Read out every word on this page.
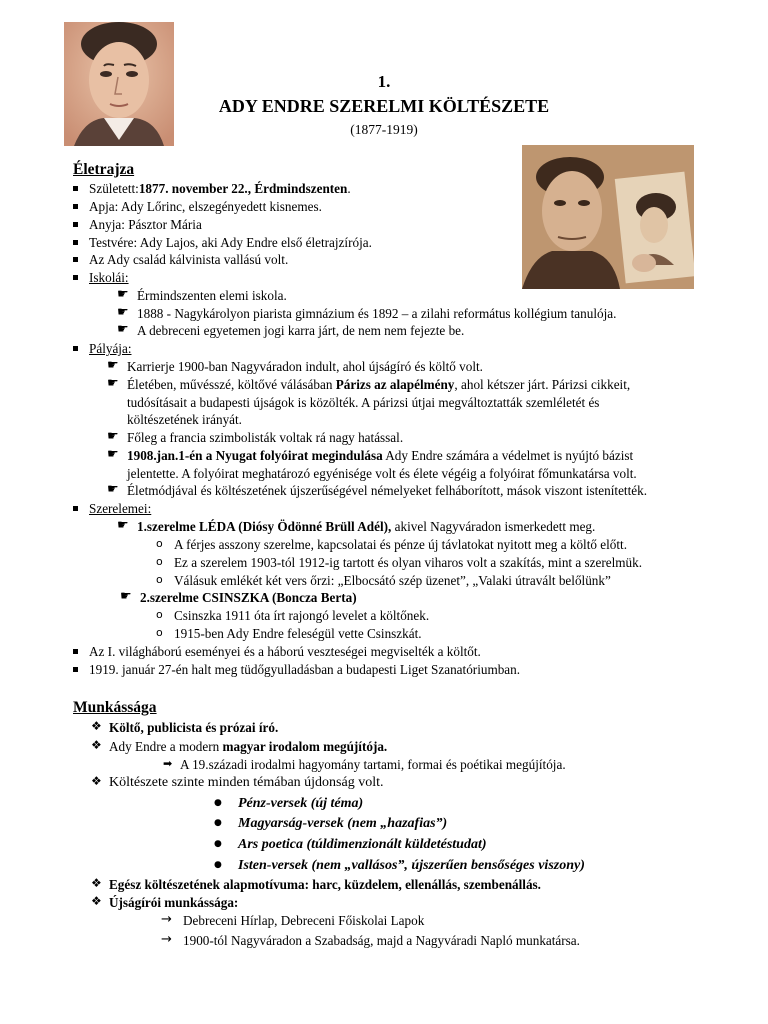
1.
ADY ENDRE SZERELMI KÖLTÉSZETE
(1877-1919)
Életrajza
Született:1877. november 22., Érdmindszenten.
Apja: Ady Lőrinc, elszegényedett kisnemes.
Anyja: Pásztor Mária
Testvére: Ady Lajos, aki Ady Endre első életrajzírója.
Az Ady család kálvinista vallású volt.
Iskolái:
☛ Érmindszenten elemi iskola.
☛ 1888 - Nagykárolyon piarista gimnázium és 1892 – a zilahi református kollégium tanulója.
☛ A debreceni egyetemen jogi karra járt, de nem nem fejezte be.
Pályája:
☛ Karrierje 1900-ban Nagyváradon indult, ahol újságíró és költő volt.
☛ Életében, művésszé, költővé válásában Párizs az alapélmény, ahol kétszer járt. Párizsi cikkeit,
tudósításait a budapesti újságok is közölték. A párizsi útjai megváltoztatták szemléletét és
költészetének irányát.
☛ Főleg a francia szimbolisták voltak rá nagy hatással.
☛ 1908.jan.1-én a Nyugat folyóirat megindulása Ady Endre számára a védelmet is nyújtó bázist
jelentette. A folyóirat meghatározó egyénisége volt és élete végéig a folyóirat főmunkatársa volt.
☛ Életmódjával és költészetének újszerűségével némelyeket felháborított, mások viszont istenítették.
Szerelemei:
☛ 1.szerelme LÉDA (Diósy Ödönné Brüll Adél), akivel Nagyváradon ismerkedett meg.
o A férjes asszony szerelme, kapcsolatai és pénze új távlatokat nyitott meg a költő előtt.
o Ez a szerelem 1903-tól 1912-ig tartott és olyan viharos volt a szakítás, mint a szerelmük.
o Válásuk emlékét két vers őrzi: „Elbocsátó szép üzenet”, „Valaki útravált belőlünk”
☛ 2.szerelme CSINSZKA (Boncza Berta)
o Csinszka 1911 óta írt rajongó levelet a költőnek.
o 1915-ben Ady Endre feleségül vette Csinszkát.
Az I. világháború eseményei és a háború veszteségei megviselték a költőt.
1919. január 27-én halt meg tüdőgyulladásban a budapesti Liget Szanatóriumban.
Munkássága
❖ Költő, publicista és prózai író.
❖ Ady Endre a modern magyar irodalom megújítója.
➡ A 19.századi irodalmi hagyomány tartami, formai és poétikai megújítója.
❖ Költészete szinte minden témában újdonság volt.
● Pénz-versek (új téma)
● Magyarság-versek (nem „hazafias”)
● Ars poetica (túldimenzionált küldetéstudat)
● Isten-versek (nem „vallásos”, újszerűen bensőséges viszony)
❖ Egész költészetének alapmotívuma: harc, küzdelem, ellenállás, szembenállás.
❖ Újságírói munkássága:
→ Debreceni Hírlap, Debreceni Főiskolai Lapok
→ 1900-tól Nagyváradon a Szabadság, majd a Nagyváradi Napló munkatársa.
